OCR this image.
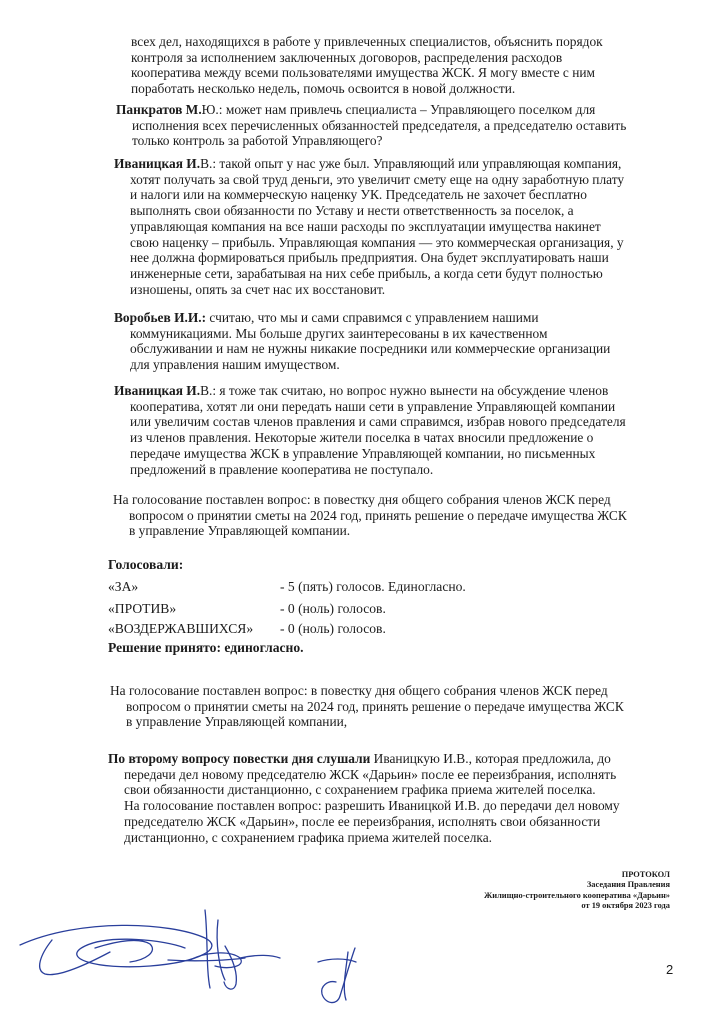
всех дел, находящихся в работе у привлеченных специалистов, объяснить порядок
контроля за исполнением заключенных договоров, распределения расходов
кооператива между всеми пользователями имущества ЖСК. Я могу вместе с ним
поработать несколько недель, помочь освоится в новой должности.
Панкратов М.Ю.: может нам привлечь специалиста – Управляющего поселком для
исполнения всех перечисленных обязанностей председателя, а председателю оставить
только контроль за работой Управляющего?
Иваницкая И.В.: такой опыт у нас уже был. Управляющий или управляющая компания,
хотят получать за свой труд деньги, это увеличит смету еще на одну заработную плату
и налоги или на коммерческую наценку УК. Председатель не захочет бесплатно
выполнять свои обязанности по Уставу и нести ответственность за поселок, а
управляющая компания на все наши расходы по эксплуатации имущества накинет
свою наценку – прибыль. Управляющая компания — это коммерческая организация, у
нее должна формироваться прибыль предприятия. Она будет эксплуатировать наши
инженерные сети, зарабатывая на них себе прибыль, а когда сети будут полностью
изношены, опять за счет нас их восстановит.
Воробьев И.И.: считаю, что мы и сами справимся с управлением нашими
коммуникациями. Мы больше других заинтересованы в их качественном
обслуживании и нам не нужны никакие посредники или коммерческие организации
для управления нашим имуществом.
Иваницкая И.В.: я тоже так считаю, но вопрос нужно вынести на обсуждение членов
кооператива, хотят ли они передать наши сети в управление Управляющей компании
или увеличим состав членов правления и сами справимся, избрав нового председателя
из членов правления. Некоторые жители поселка в чатах вносили предложение о
передаче имущества ЖСК в управление Управляющей компании, но письменных
предложений в правление кооператива не поступало.
На голосование поставлен вопрос: в повестку дня общего собрания членов ЖСК перед
вопросом о принятии сметы на 2024 год, принять решение о передаче имущества ЖСК
в управление Управляющей компании.
Голосовали:
«ЗА»	- 5 (пять) голосов. Единогласно.
«ПРОТИВ»	- 0 (ноль) голосов.
«ВОЗДЕРЖАВШИХСЯ» - 0 (ноль) голосов.
Решение принято: единогласно.
На голосование поставлен вопрос: в повестку дня общего собрания членов ЖСК перед
вопросом о принятии сметы на 2024 год, принять решение о передаче имущества ЖСК
в управление Управляющей компании,
По второму вопросу повестки дня слушали Иваницкую И.В., которая предложила, до
передачи дел новому председателю ЖСК «Дарьин» после ее переизбрания, исполнять
свои обязанности дистанционно, с сохранением графика приема жителей поселка.
На голосование поставлен вопрос: разрешить Иваницкой И.В. до передачи дел новому
председателю ЖСК «Дарьин», после ее переизбрания, исполнять свои обязанности
дистанционно, с сохранением графика приема жителей поселка.
ПРОТОКОЛ
Заседания Правления
Жилищно-строительного кооператива «Дарьин»
от 19 октября 2023 года
2
